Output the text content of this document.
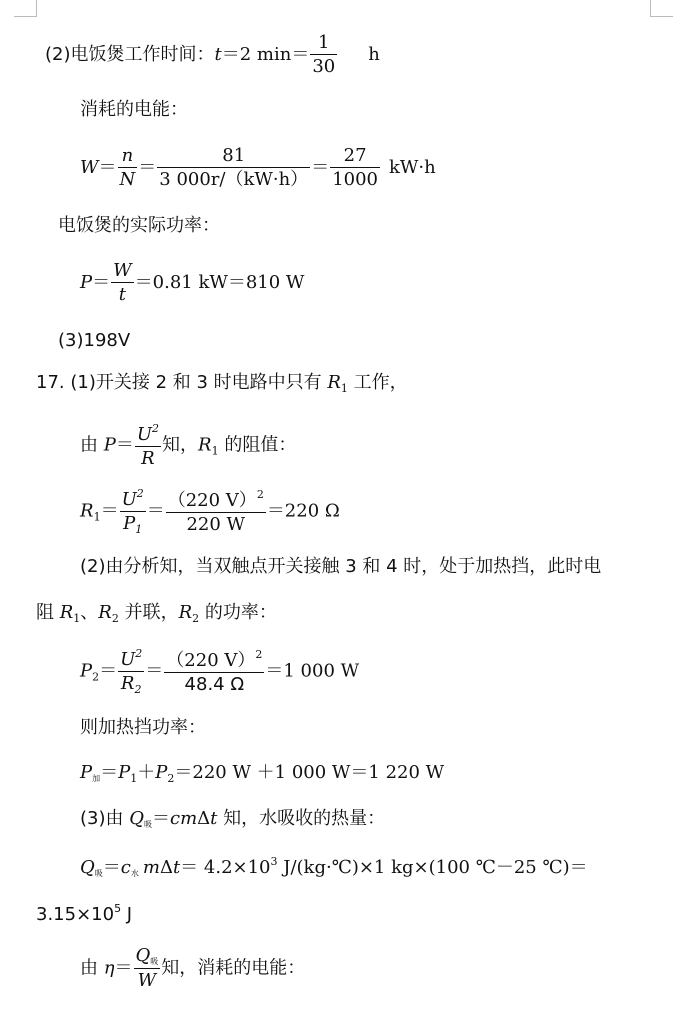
(2)电饭煲工作时间：t＝2 $\min= \frac{1}{30}$ h
消耗的电能：
$W= \frac{n}{N} = \frac{81}{3 000r/(kW\cdot h)} = \frac{27}{1000} kW\cdot h$
电饭煲的实际功率：
$P= \frac{W}{t} =0.81$ kW＝810 W
(3)198V
17. (1)开关接 2 和 3 时电路中只有 $R_1$ 工作，
由 $P= \frac{U^2}{R}$ 知，$R_1$ 的阻值：
$R_1= \frac{U^2}{P_1} = \frac{(220 V)^2}{220 W} =220$ Ω
(2)由分析知，当双触点开关接触 3 和 4 时，处于加热挡，此时电
阻 $R_1$、$R_2$ 并联，$R_2$ 的功率：
$P_2= \frac{U^2}{R_2} = \frac{(220 V)^2}{48.4 \Omega} =1$ 000 W
则加热挡功率：
P加$=P_1+P_2=220$ W ＋1 000 W＝1 220 W
(3)由 Q吸＝cmΔt 知，水吸收的热量：
Q吸＝c水 $m\Delta t= 4.2\times 10^3$ J/(kg·℃)×1 kg×(100 ℃－25 ℃)＝
$3.15\times 10^5$ J
由 $\eta= \frac{\text{Q吸}}{W}$ 知，消耗的电能：
